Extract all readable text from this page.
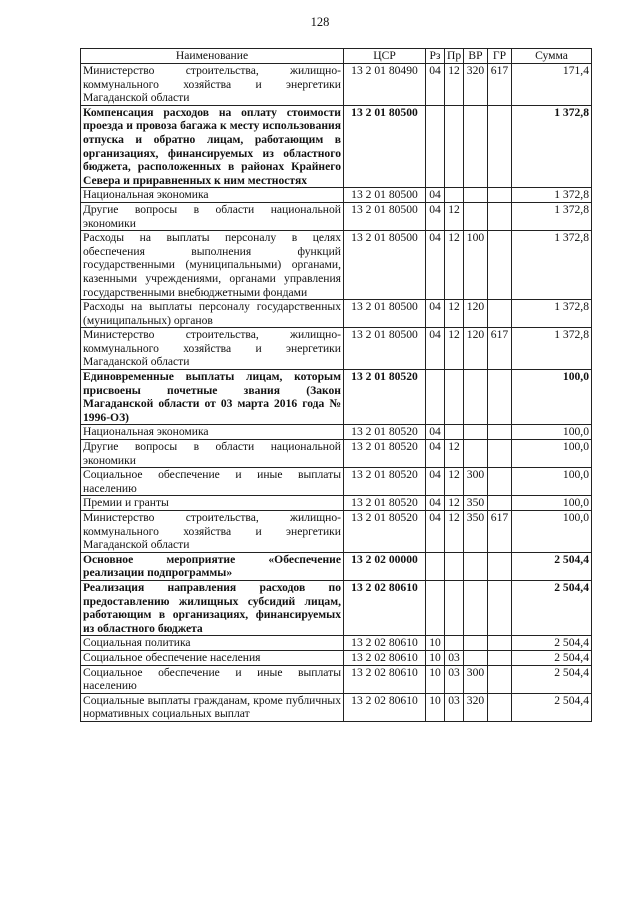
128
Наименование	ЦСР	Рз	Пр	ВР	ГР	Сумма
Министерство строительства, жилищно-коммунального хозяйства и энергетики Магаданской области	13 2 01 80490	04	12	320	617	171,4
Компенсация расходов на оплату стоимости проезда и провоза багажа к месту использования отпуска и обратно лицам, работающим в организациях, финансируемых из областного бюджета, расположенных в районах Крайнего Севера и приравненных к ним местностях	13 2 01 80500					1 372,8
Национальная экономика	13 2 01 80500	04				1 372,8
Другие вопросы в области национальной экономики	13 2 01 80500	04	12			1 372,8
Расходы на выплаты персоналу в целях обеспечения выполнения функций государственными (муниципальными) органами, казенными учреждениями, органами управления государственными внебюджетными фондами	13 2 01 80500	04	12	100		1 372,8
Расходы на выплаты персоналу государственных (муниципальных) органов	13 2 01 80500	04	12	120		1 372,8
Министерство строительства, жилищно-коммунального хозяйства и энергетики Магаданской области	13 2 01 80500	04	12	120	617	1 372,8
Единовременные выплаты лицам, которым присвоены почетные звания (Закон Магаданской области от 03 марта 2016 года № 1996-ОЗ)	13 2 01 80520					100,0
Национальная экономика	13 2 01 80520	04				100,0
Другие вопросы в области национальной экономики	13 2 01 80520	04	12			100,0
Социальное обеспечение и иные выплаты населению	13 2 01 80520	04	12	300		100,0
Премии и гранты	13 2 01 80520	04	12	350		100,0
Министерство строительства, жилищно-коммунального хозяйства и энергетики Магаданской области	13 2 01 80520	04	12	350	617	100,0
Основное мероприятие «Обеспечение реализации подпрограммы»	13 2 02 00000					2 504,4
Реализация направления расходов по предоставлению жилищных субсидий лицам, работающим в организациях, финансируемых из областного бюджета	13 2 02 80610					2 504,4
Социальная политика	13 2 02 80610	10				2 504,4
Социальное обеспечение населения	13 2 02 80610	10	03			2 504,4
Социальное обеспечение и иные выплаты населению	13 2 02 80610	10	03	300		2 504,4
Социальные выплаты гражданам, кроме публичных нормативных социальных выплат	13 2 02 80610	10	03	320		2 504,4
